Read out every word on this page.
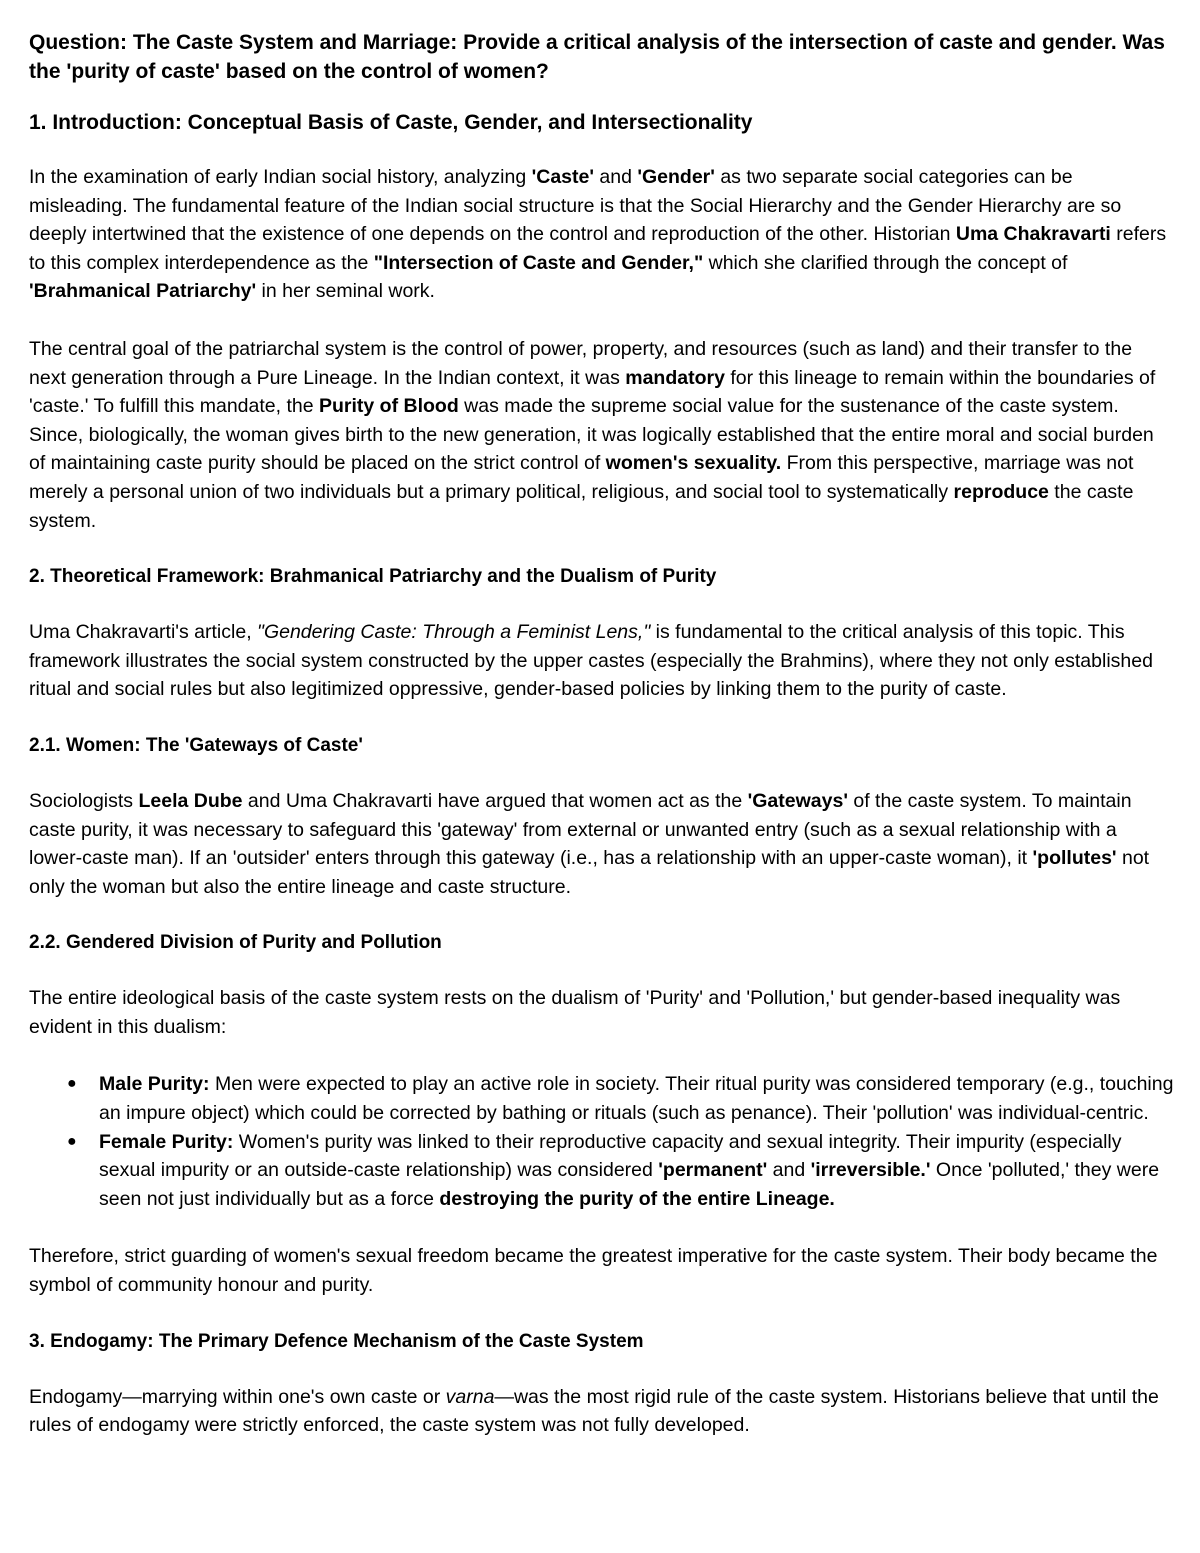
Question: The Caste System and Marriage: Provide a critical analysis of the intersection of caste and gender. Was the 'purity of caste' based on the control of women?
1. Introduction: Conceptual Basis of Caste, Gender, and Intersectionality

In the examination of early Indian social history, analyzing 'Caste' and 'Gender' as two separate social categories can be misleading. The fundamental feature of the Indian social structure is that the Social Hierarchy and the Gender Hierarchy are so deeply intertwined that the existence of one depends on the control and reproduction of the other. Historian Uma Chakravarti refers to this complex interdependence as the "Intersection of Caste and Gender," which she clarified through the concept of 'Brahmanical Patriarchy' in her seminal work.

The central goal of the patriarchal system is the control of power, property, and resources (such as land) and their transfer to the next generation through a Pure Lineage. In the Indian context, it was mandatory for this lineage to remain within the boundaries of 'caste.' To fulfill this mandate, the Purity of Blood was made the supreme social value for the sustenance of the caste system. Since, biologically, the woman gives birth to the new generation, it was logically established that the entire moral and social burden of maintaining caste purity should be placed on the strict control of women's sexuality. From this perspective, marriage was not merely a personal union of two individuals but a primary political, religious, and social tool to systematically reproduce the caste system.

2. Theoretical Framework: Brahmanical Patriarchy and the Dualism of Purity

Uma Chakravarti's article, "Gendering Caste: Through a Feminist Lens," is fundamental to the critical analysis of this topic. This framework illustrates the social system constructed by the upper castes (especially the Brahmins), where they not only established ritual and social rules but also legitimized oppressive, gender-based policies by linking them to the purity of caste.

2.1. Women: The 'Gateways of Caste'

Sociologists Leela Dube and Uma Chakravarti have argued that women act as the 'Gateways' of the caste system. To maintain caste purity, it was necessary to safeguard this 'gateway' from external or unwanted entry (such as a sexual relationship with a lower-caste man). If an 'outsider' enters through this gateway (i.e., has a relationship with an upper-caste woman), it 'pollutes' not only the woman but also the entire lineage and caste structure.

2.2. Gendered Division of Purity and Pollution

The entire ideological basis of the caste system rests on the dualism of 'Purity' and 'Pollution,' but gender-based inequality was evident in this dualism:

● Male Purity: Men were expected to play an active role in society. Their ritual purity was considered temporary (e.g., touching an impure object) which could be corrected by bathing or rituals (such as penance). Their 'pollution' was individual-centric.
● Female Purity: Women's purity was linked to their reproductive capacity and sexual integrity. Their impurity (especially sexual impurity or an outside-caste relationship) was considered 'permanent' and 'irreversible.' Once 'polluted,' they were seen not just individually but as a force destroying the purity of the entire Lineage.

Therefore, strict guarding of women's sexual freedom became the greatest imperative for the caste system. Their body became the symbol of community honour and purity.

3. Endogamy: The Primary Defence Mechanism of the Caste System

Endogamy—marrying within one's own caste or varna—was the most rigid rule of the caste system. Historians believe that until the rules of endogamy were strictly enforced, the caste system was not fully developed.
